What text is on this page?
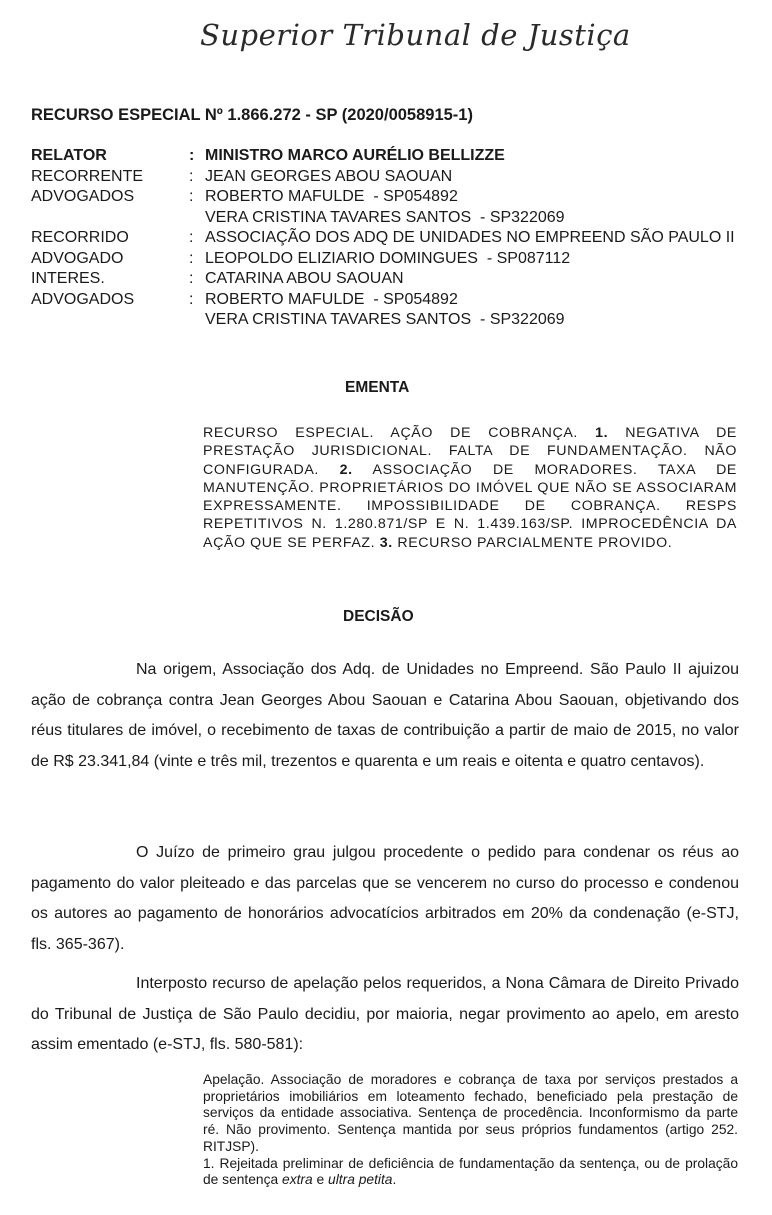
Superior Tribunal de Justiça
RECURSO ESPECIAL Nº 1.866.272 - SP (2020/0058915-1)
RELATOR	: MINISTRO MARCO AURÉLIO BELLIZZE
RECORRENTE	: JEAN GEORGES ABOU SAOUAN
ADVOGADOS	: ROBERTO MAFULDE  - SP054892
VERA CRISTINA TAVARES SANTOS  - SP322069
RECORRIDO	: ASSOCIAÇÃO DOS ADQ DE UNIDADES NO EMPREEND SÃO PAULO II
ADVOGADO	: LEOPOLDO ELIZIARIO DOMINGUES  - SP087112
INTERES.	: CATARINA ABOU SAOUAN
ADVOGADOS	: ROBERTO MAFULDE  - SP054892
VERA CRISTINA TAVARES SANTOS  - SP322069
EMENTA
RECURSO ESPECIAL. AÇÃO DE COBRANÇA. 1. NEGATIVA DE PRESTAÇÃO JURISDICIONAL. FALTA DE FUNDAMENTAÇÃO. NÃO CONFIGURADA. 2. ASSOCIAÇÃO DE MORADORES. TAXA DE MANUTENÇÃO. PROPRIETÁRIOS DO IMÓVEL QUE NÃO SE ASSOCIARAM EXPRESSAMENTE. IMPOSSIBILIDADE DE COBRANÇA. RESPS REPETITIVOS N. 1.280.871/SP E N. 1.439.163/SP. IMPROCEDÊNCIA DA AÇÃO QUE SE PERFAZ. 3. RECURSO PARCIALMENTE PROVIDO.
DECISÃO
Na origem, Associação dos Adq. de Unidades no Empreend. São Paulo II ajuizou ação de cobrança contra Jean Georges Abou Saouan e Catarina Abou Saouan, objetivando dos réus titulares de imóvel, o recebimento de taxas de contribuição a partir de maio de 2015, no valor de R$ 23.341,84 (vinte e três mil, trezentos e quarenta e um reais e oitenta e quatro centavos).
O Juízo de primeiro grau julgou procedente o pedido para condenar os réus ao pagamento do valor pleiteado e das parcelas que se vencerem no curso do processo e condenou os autores ao pagamento de honorários advocatícios arbitrados em 20% da condenação (e-STJ, fls. 365-367).
Interposto recurso de apelação pelos requeridos, a Nona Câmara de Direito Privado do Tribunal de Justiça de São Paulo decidiu, por maioria, negar provimento ao apelo, em aresto assim ementado (e-STJ, fls. 580-581):

Apelação. Associação de moradores e cobrança de taxa por serviços prestados a proprietários imobiliários em loteamento fechado, beneficiado pela prestação de serviços da entidade associativa. Sentença de procedência. Inconformismo da parte ré. Não provimento. Sentença mantida por seus próprios fundamentos (artigo 252. RITJSP).

1. Rejeitada preliminar de deficiência de fundamentação da sentença, ou de prolação de sentença extra e ultra petita.
